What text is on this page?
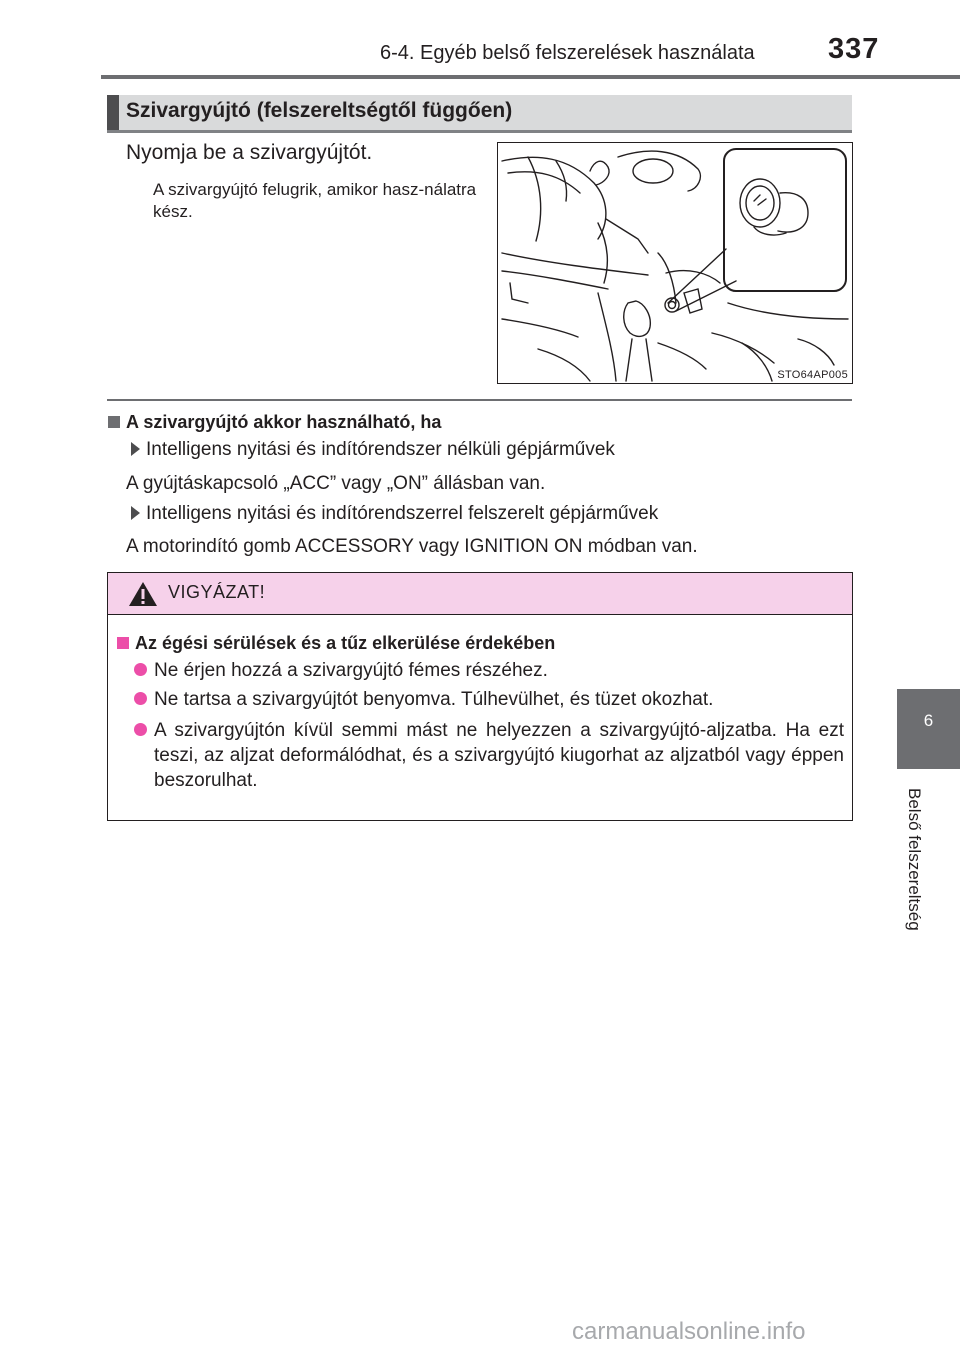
6-4. Egyéb belső felszerelések használata	337
Szivargyújtó (felszereltségtől függően)
Nyomja be a szivargyújtót.
A szivargyújtó felugrik, amikor hasz-nálatra kész.
STO64AP005
A szivargyújtó akkor használható, ha
Intelligens nyitási és indítórendszer nélküli gépjárművek
A gyújtáskapcsoló „ACC” vagy „ON” állásban van.
Intelligens nyitási és indítórendszerrel felszerelt gépjárművek
A motorindító gomb ACCESSORY vagy IGNITION ON módban van.
VIGYÁZAT!
Az égési sérülések és a tűz elkerülése érdekében
Ne érjen hozzá a szivargyújtó fémes részéhez.
Ne tartsa a szivargyújtót benyomva. Túlhevülhet, és tüzet okozhat.
A szivargyújtón kívül semmi mást ne helyezzen a szivargyújtó-aljzatba. Ha ezt teszi, az aljzat deformálódhat, és a szivargyújtó kiugorhat az aljzatból vagy éppen beszorulhat.
6
Belső felszereltség
carmanualsonline.info
